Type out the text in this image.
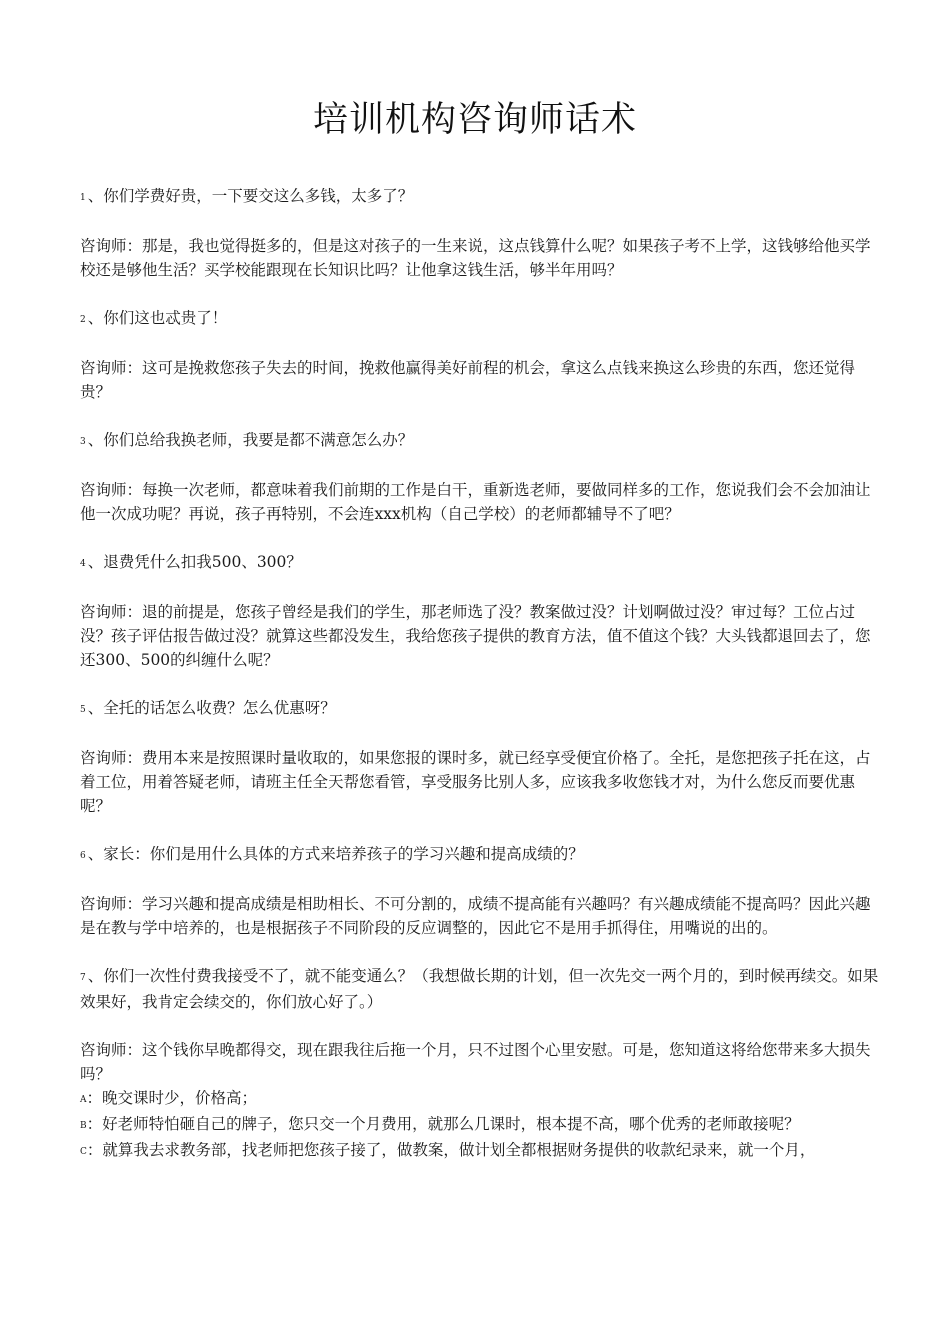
培训机构咨询师话术
1 、你们学费好贵，一下要交这么多钱，太多了？
咨询师：那是，我也觉得挺多的，但是这对孩子的一生来说，这点钱算什么呢？如果孩子考不上学，这钱够给他买学校还是够他生活？买学校能跟现在长知识比吗？让他拿这钱生活，够半年用吗？
2 、你们这也忒贵了！
咨询师：这可是挽救您孩子失去的时间，挽救他赢得美好前程的机会，拿这么点钱来换这么珍贵的东西，您还觉得贵？
3 、你们总给我换老师，我要是都不满意怎么办？
咨询师：每换一次老师，都意味着我们前期的工作是白干，重新选老师，要做同样多的工作，您说我们会不会加油让他一次成功呢？再说，孩子再特别，不会连xxx机构（自己学校）的老师都辅导不了吧？
4 、退费凭什么扣我500、300？
咨询师：退的前提是，您孩子曾经是我们的学生，那老师选了没？教案做过没？计划啊做过没？审过每？工位占过没？孩子评估报告做过没？就算这些都没发生，我给您孩子提供的教育方法，值不值这个钱？大头钱都退回去了，您还300、500的纠缠什么呢？
5 、全托的话怎么收费？怎么优惠呀？
咨询师：费用本来是按照课时量收取的，如果您报的课时多，就已经享受便宜价格了。全托，是您把孩子托在这，占着工位，用着答疑老师，请班主任全天帮您看管，享受服务比别人多，应该我多收您钱才对，为什么您反而要优惠呢？
6 、家长：你们是用什么具体的方式来培养孩子的学习兴趣和提高成绩的？
咨询师：学习兴趣和提高成绩是相助相长、不可分割的，成绩不提高能有兴趣吗？有兴趣成绩能不提高吗？因此兴趣是在教与学中培养的，也是根据孩子不同阶段的反应调整的，因此它不是用手抓得住，用嘴说的出的。
7 、你们一次性付费我接受不了，就不能变通么？（我想做长期的计划，但一次先交一两个月的，到时候再续交。如果效果好，我肯定会续交的，你们放心好了。）
咨询师：这个钱你早晚都得交，现在跟我往后拖一个月，只不过图个心里安慰。可是，您知道这将给您带来多大损失吗？
A：晚交课时少，价格高；
B：好老师特怕砸自己的牌子，您只交一个月费用，就那么几课时，根本提不高，哪个优秀的老师敢接呢？
C：就算我去求教务部，找老师把您孩子接了，做教案，做计划全都根据财务提供的收款纪录来，就一个月，
